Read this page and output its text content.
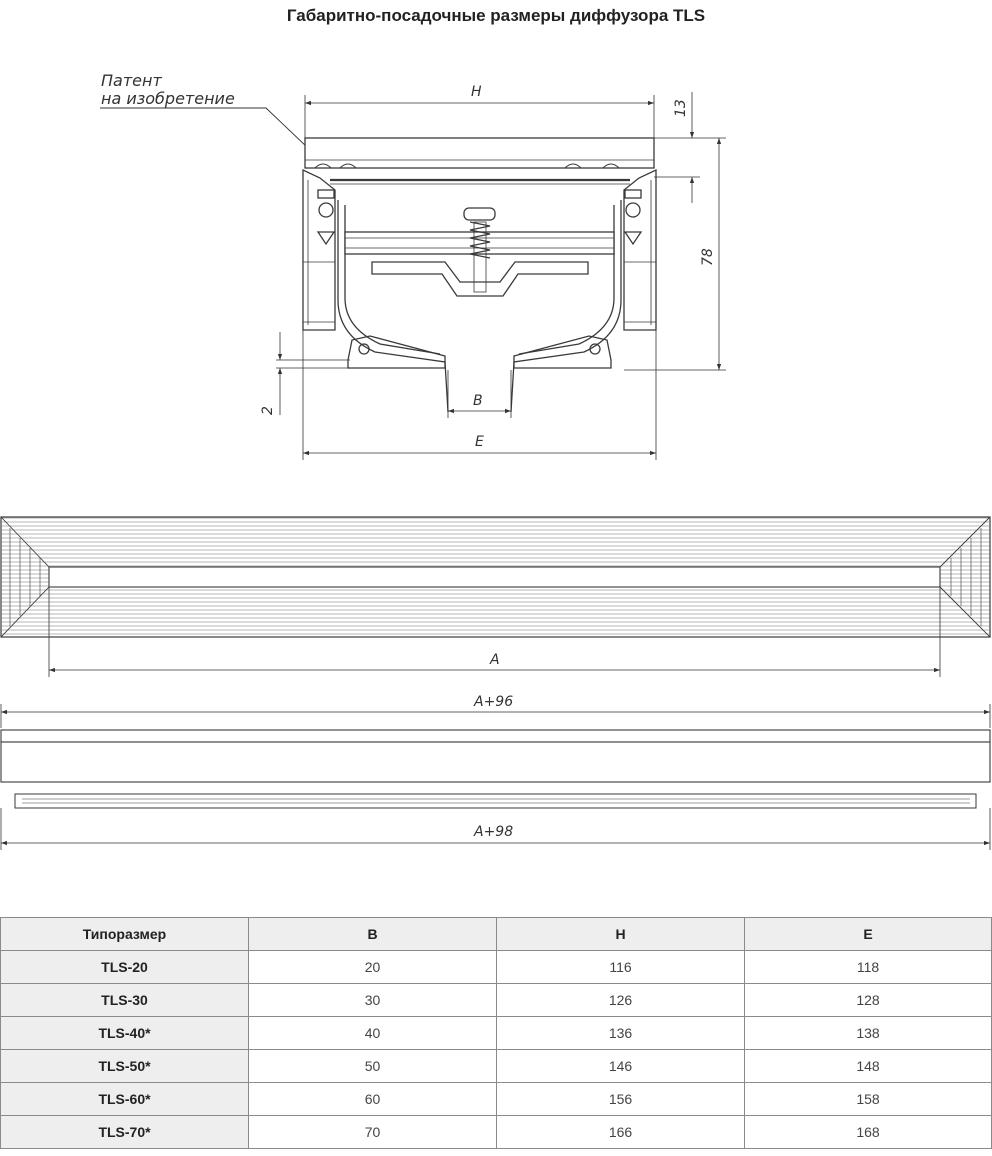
Габаритно-посадочные размеры диффузора TLS
Патент
на изобретение	H
13
78
2
B
E
A
A+96
A+98
Типоразмер	B	H	E
TLS-20	20	116	118
TLS-30	30	126	128
TLS-40*	40	136	138
TLS-50*	50	146	148
TLS-60*	60	156	158
TLS-70*	70	166	168
